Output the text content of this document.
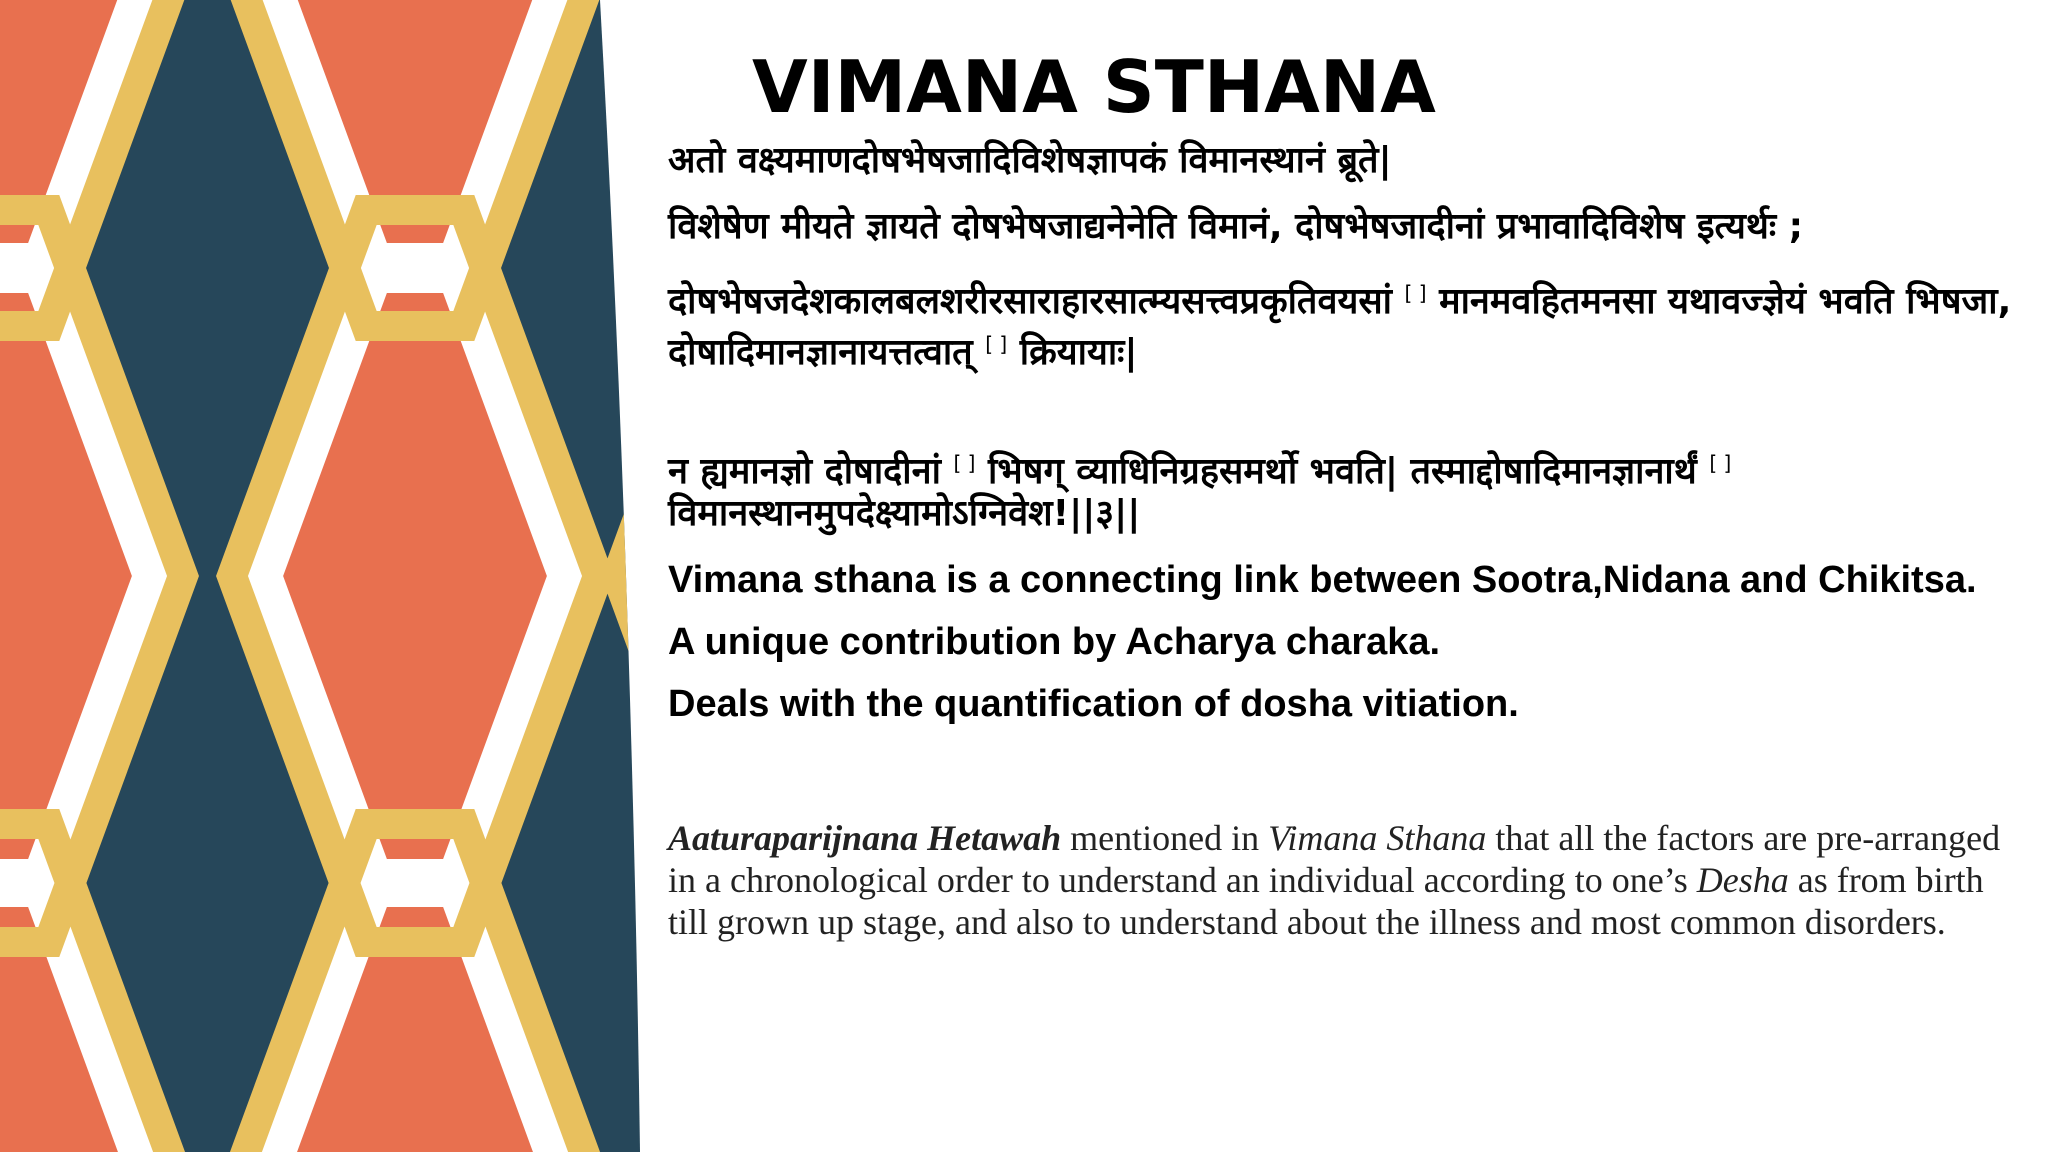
VIMANA STHANA

अतो वक्ष्यमाणदोषभेषजादिविशेषज्ञापकं विमानस्थानं ब्रूते|

विशेषेण मीयते ज्ञायते दोषभेषजाद्यनेनेति विमानं, दोषभेषजादीनां प्रभावादिविशेष इत्यर्थः ;

दोषभेषजदेशकालबलशरीरसाराहारसात्म्यसत्त्वप्रकृतिवयसां [ ] मानमवहितमनसा यथावज्ज्ञेयं भवति भिषजा, दोषादिमानज्ञानायत्तत्वात् [ ] क्रियायाः|

न ह्यमानज्ञो दोषादीनां [ ] भिषग् व्याधिनिग्रहसमर्थो भवति| तस्माद्दोषादिमानज्ञानार्थं [ ] विमानस्थानमुपदेक्ष्यामोऽग्निवेश!||३||

Vimana sthana is a connecting link between Sootra,Nidana and Chikitsa.

A unique contribution by Acharya charaka.

Deals with the quantification of dosha vitiation.

Aaturaparijnana Hetawah mentioned in Vimana Sthana that all the factors are pre-arranged in a chronological order to understand an individual according to one’s Desha as from birth till grown up stage, and also to understand about the illness and most common disorders.
